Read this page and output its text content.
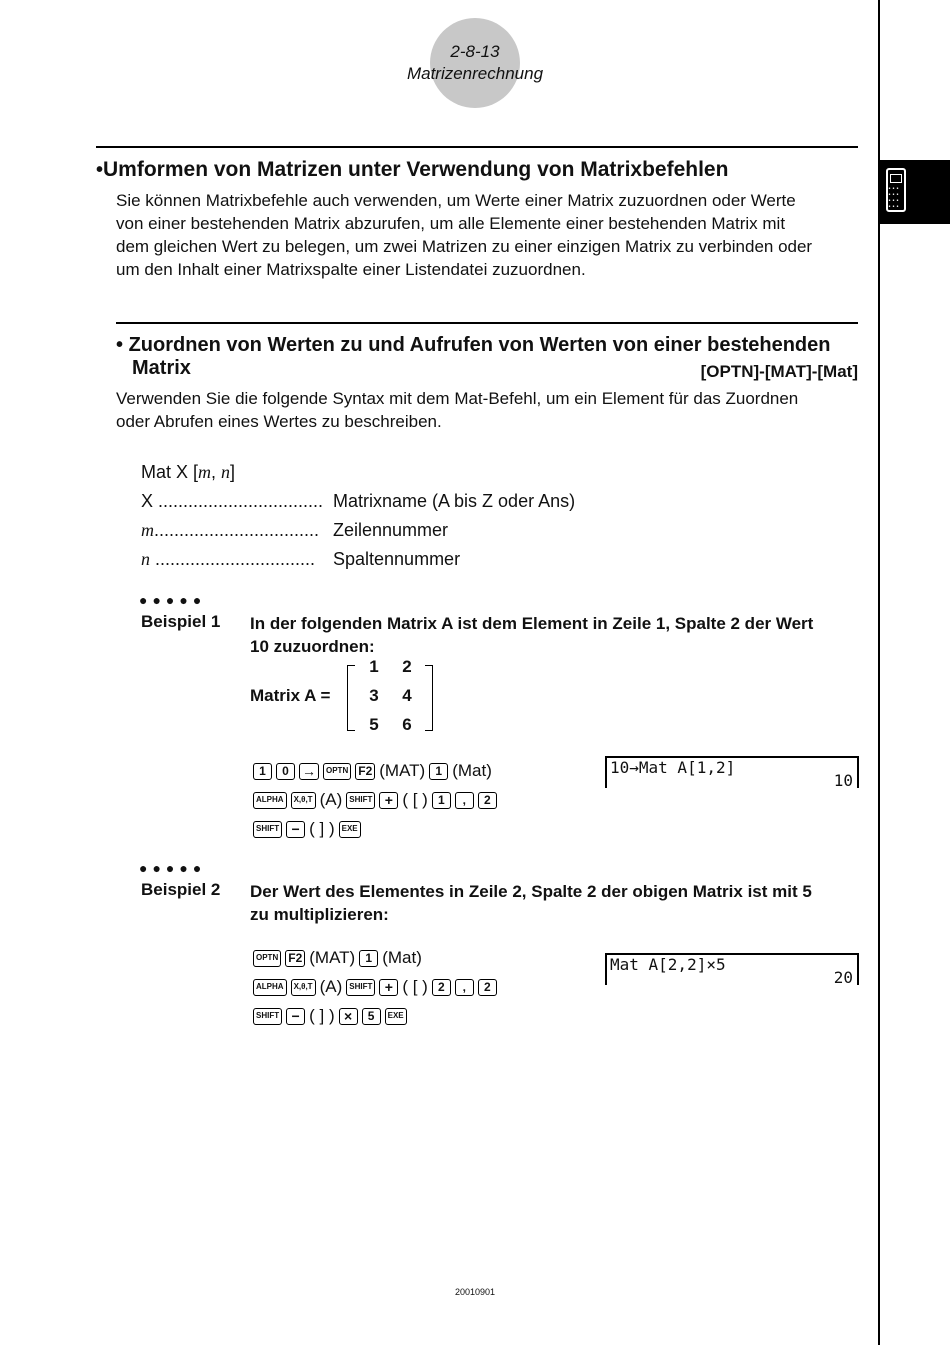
2-8-13
Matrizenrechnung
•••
•••
•••
•••
•Umformen von Matrizen unter Verwendung von Matrixbefehlen
Sie können Matrixbefehle auch verwenden, um Werte einer Matrix zuzuordnen oder Werte
von einer bestehenden Matrix abzurufen, um alle Elemente einer bestehenden Matrix mit
dem gleichen Wert zu belegen, um zwei Matrizen zu einer einzigen Matrix zu verbinden oder
um den Inhalt einer Matrixspalte einer Listendatei zuzuordnen.
• Zuordnen von Werten zu und Aufrufen von Werten von einer bestehenden
Matrix	[OPTN]-[MAT]-[Mat]
Verwenden Sie die folgende Syntax mit dem Mat-Befehl, um ein Element für das Zuordnen
oder Abrufen eines Wertes zu beschreiben.
Mat X [m, n]
X ................................. Matrixname (A bis Z oder Ans)
m................................. Zeilennummer
n ................................ Spaltennummer
●●●●●
Beispiel 1 In der folgenden Matrix A ist dem Element in Zeile 1, Spalte 2 der Wert
10 zuzuordnen:
Matrix A =
1	2
3	4
5	6
1	0 →	OPTN F2 (MAT) 1 (Mat)
ALPHA	X,θ,T (A) SHIFT + ( [ ) 1	,	2
SHIFT − ( ] ) EXE
10→Mat A[1,2]
10
●●●●●
Beispiel 2 Der Wert des Elementes in Zeile 2, Spalte 2 der obigen Matrix ist mit 5
zu multiplizieren:
OPTN F2 (MAT) 1 (Mat)
ALPHA	X,θ,T (A) SHIFT + ( [ ) 2	,	2
SHIFT − ( ] ) ×	5	EXE
Mat A[2,2]×5
20
20010901
